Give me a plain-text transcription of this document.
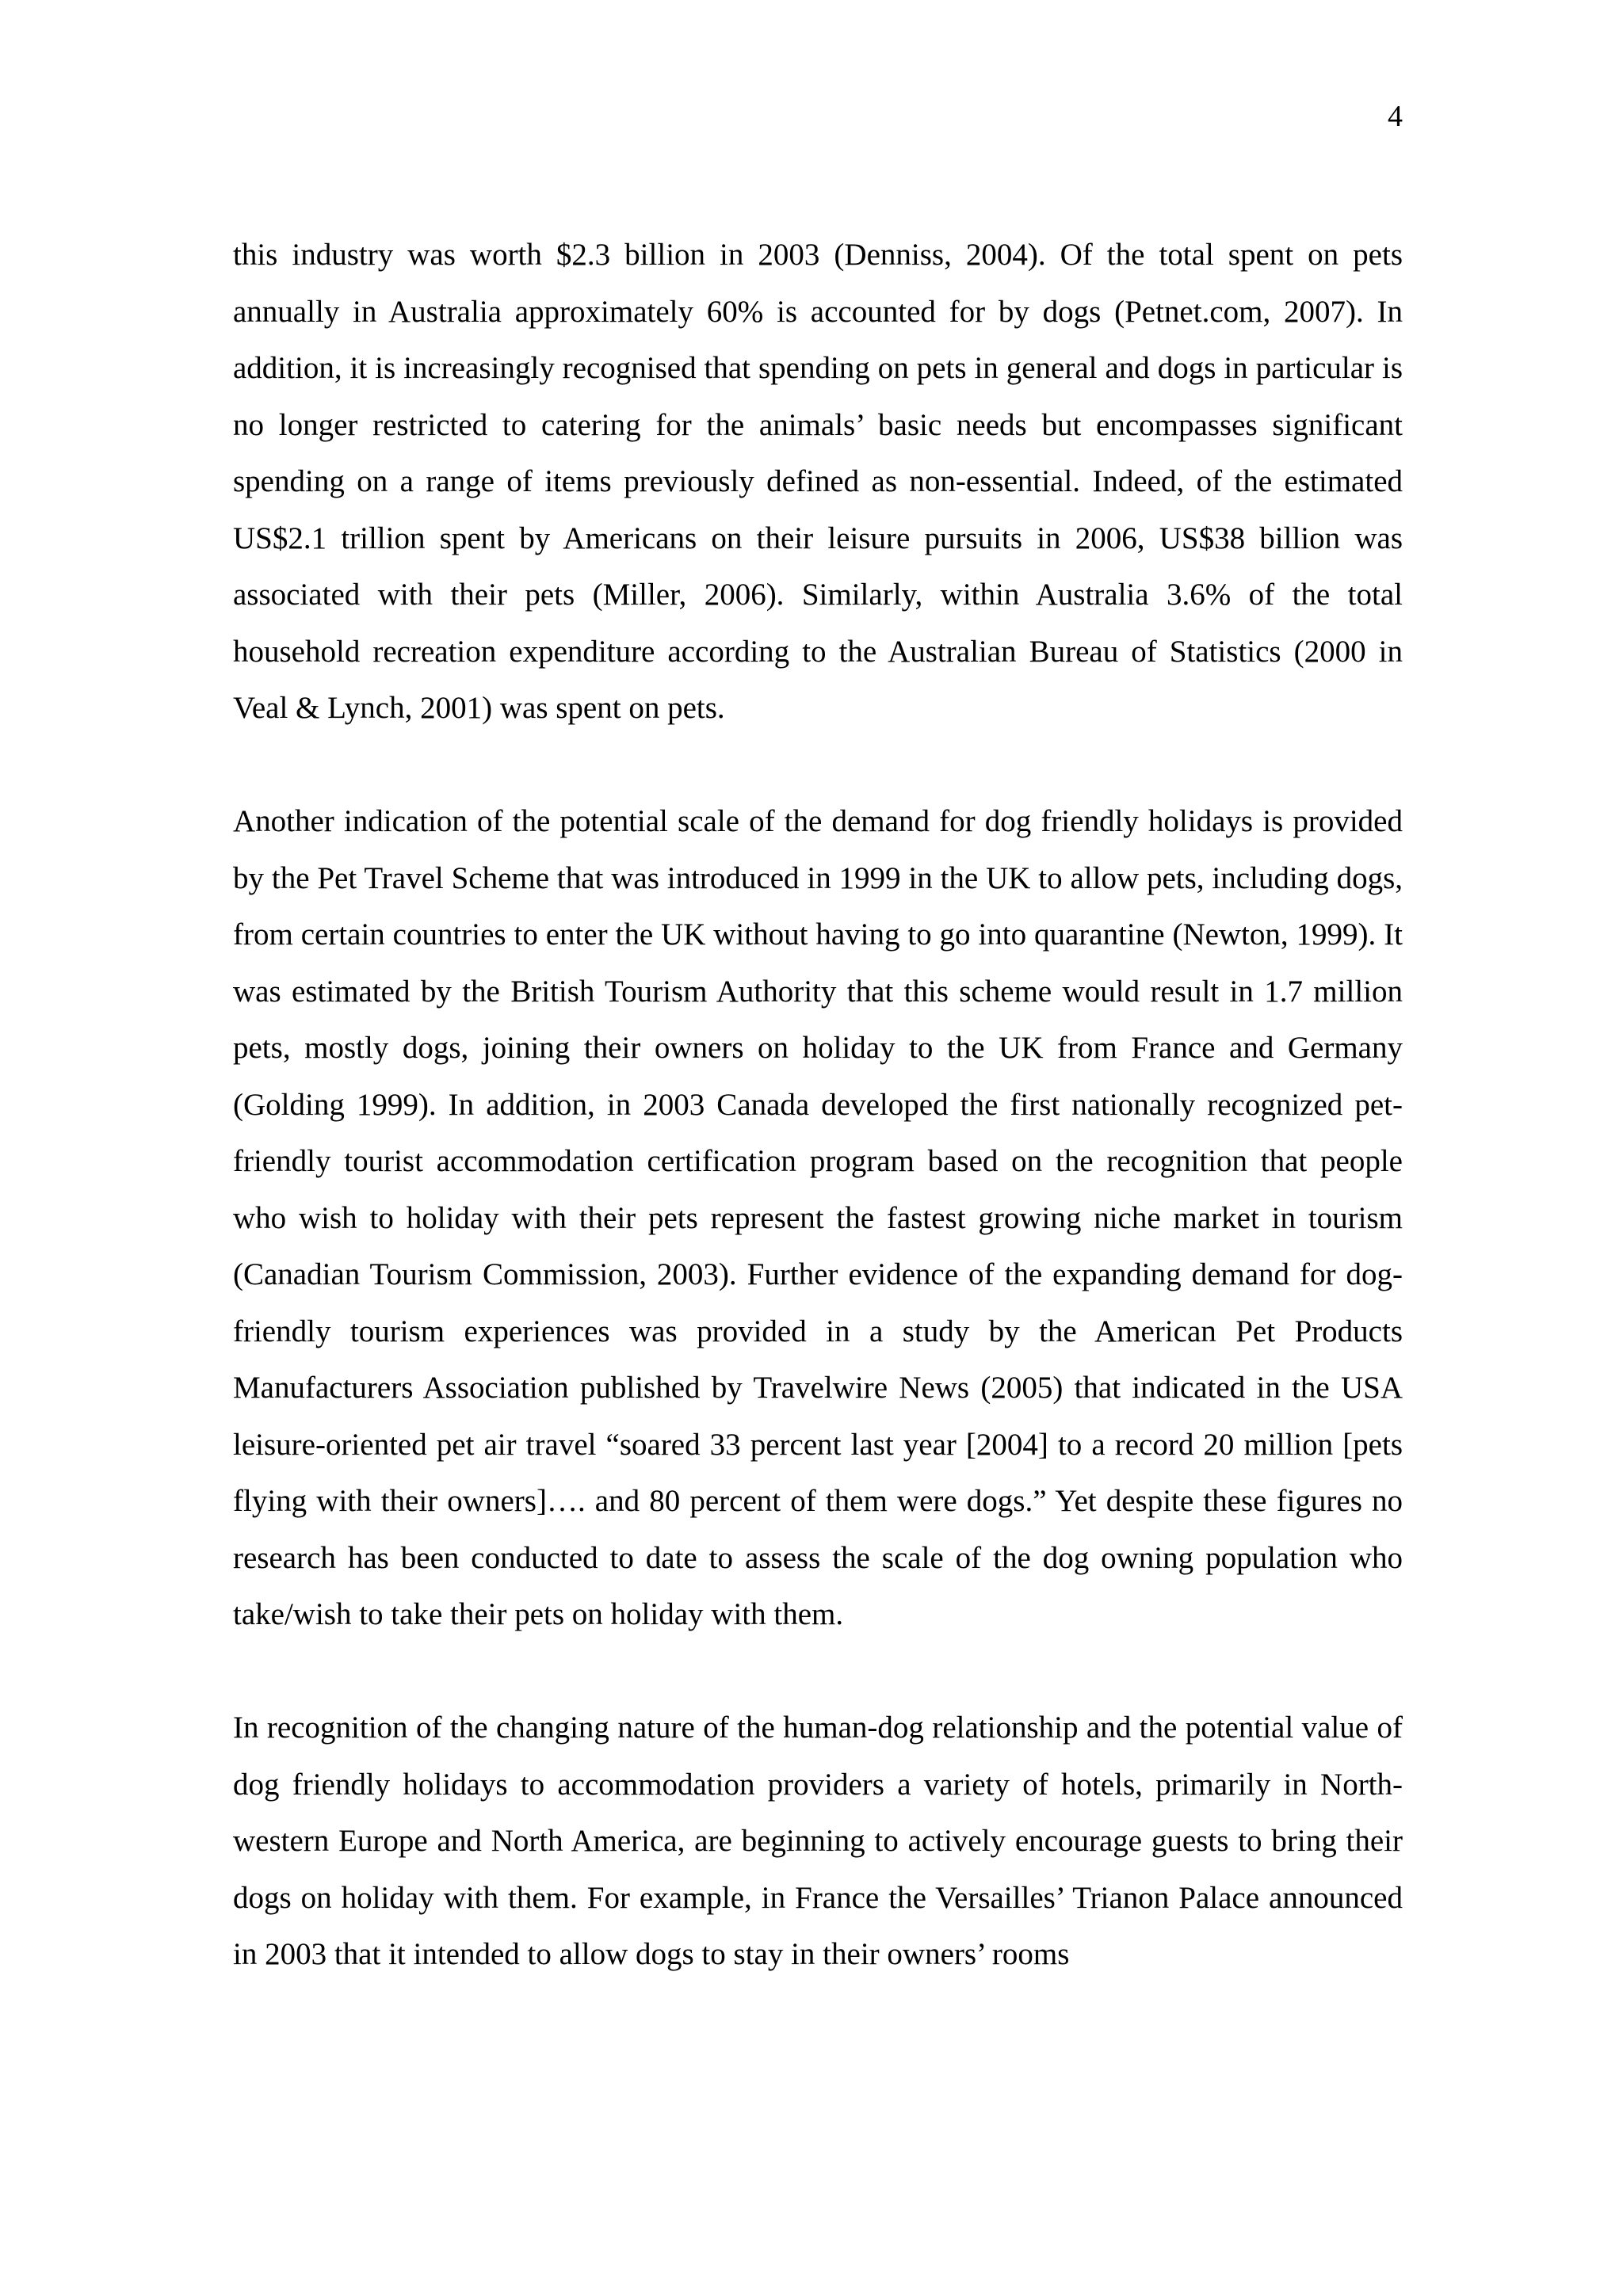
4

this industry was worth $2.3 billion in 2003 (Denniss, 2004). Of the total spent on pets annually in Australia approximately 60% is accounted for by dogs (Petnet.com, 2007). In addition, it is increasingly recognised that spending on pets in general and dogs in particular is no longer restricted to catering for the animals’ basic needs but encompasses significant spending on a range of items previously defined as non-essential. Indeed, of the estimated US$2.1 trillion spent by Americans on their leisure pursuits in 2006, US$38 billion was associated with their pets (Miller, 2006). Similarly, within Australia 3.6% of the total household recreation expenditure according to the Australian Bureau of Statistics (2000 in Veal & Lynch, 2001) was spent on pets.

Another indication of the potential scale of the demand for dog friendly holidays is provided by the Pet Travel Scheme that was introduced in 1999 in the UK to allow pets, including dogs, from certain countries to enter the UK without having to go into quarantine (Newton, 1999). It was estimated by the British Tourism Authority that this scheme would result in 1.7 million pets, mostly dogs, joining their owners on holiday to the UK from France and Germany (Golding 1999). In addition, in 2003 Canada developed the first nationally recognized pet-friendly tourist accommodation certification program based on the recognition that people who wish to holiday with their pets represent the fastest growing niche market in tourism (Canadian Tourism Commission, 2003). Further evidence of the expanding demand for dog-friendly tourism experiences was provided in a study by the American Pet Products Manufacturers Association published by Travelwire News (2005) that indicated in the USA leisure-oriented pet air travel “soared 33 percent last year [2004] to a record 20 million [pets flying with their owners]…. and 80 percent of them were dogs.” Yet despite these figures no research has been conducted to date to assess the scale of the dog owning population who take/wish to take their pets on holiday with them.

In recognition of the changing nature of the human-dog relationship and the potential value of dog friendly holidays to accommodation providers a variety of hotels, primarily in North-western Europe and North America, are beginning to actively encourage guests to bring their dogs on holiday with them. For example, in France the Versailles’ Trianon Palace announced in 2003 that it intended to allow dogs to stay in their owners’ rooms
